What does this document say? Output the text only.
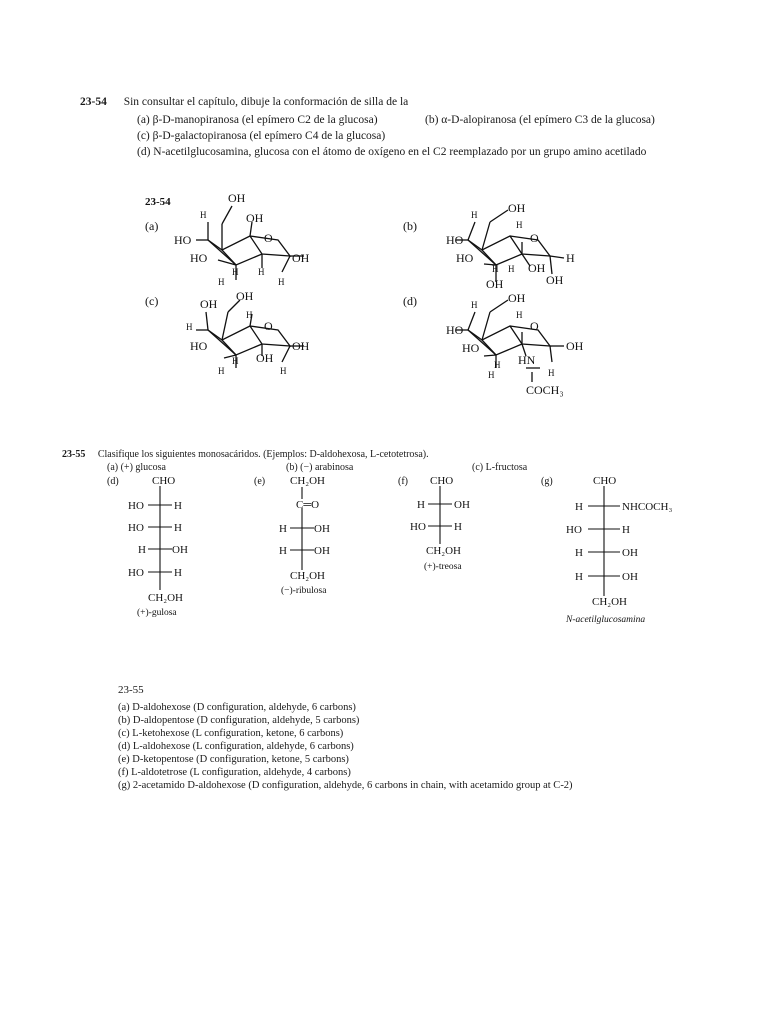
23-54 Sin consultar el capítulo, dibuje la conformación de silla de la
(a) β-D-manopiranosa (el epímero C2 de la glucosa)	(b) α-D-alopiranosa (el epímero C3 de la glucosa)
(c) β-D-galactopiranosa (el epímero C4 de la glucosa)
(d) N-acetilglucosamina, glucosa con el átomo de oxígeno en el C2 reemplazado por un grupo amino acetilado
23-54
(a)	(b)
(c)	(d)
OH
H	OH
HO	O
HO	OH
H H
H	H
OH
H
H
HO	O
HO	H
OH
H H
OH	OH
OH
OH
H
H	O
HO	OH
OH
H
H	H
OH
H
H
HO	O
HO	OH
HN
H
H	H
COCH₃
23-55 Clasifique los siguientes monosacáridos. (Ejemplos: D-aldohexosa, L-cetotetrosa).
(a) (+) glucosa	(b) (−) arabinosa	(c) L-fructosa
(d)	(e)	(f)	(g)
CHO
HO	H
HO	H
H OH
HO	H
CH₂OH
(+)-gulosa
CH₂OH
C═O
H OH
H OH
CH₂OH
(−)-ribulosa
CHO
H	OH
HO	H
CH₂OH
(+)-treosa
CHO
H	NHCOCH₃
HO	H
H	OH
H	OH
CH₂OH
N-acetilglucosamina
23-55
(a) D-aldohexose (D configuration, aldehyde, 6 carbons)
(b) D-aldopentose (D configuration, aldehyde, 5 carbons)
(c) L-ketohexose (L configuration, ketone, 6 carbons)
(d) L-aldohexose (L configuration, aldehyde, 6 carbons)
(e) D-ketopentose (D configuration, ketone, 5 carbons)
(f) L-aldotetrose (L configuration, aldehyde, 4 carbons)
(g) 2-acetamido D-aldohexose (D configuration, aldehyde, 6 carbons in chain, with acetamido group at C-2)
